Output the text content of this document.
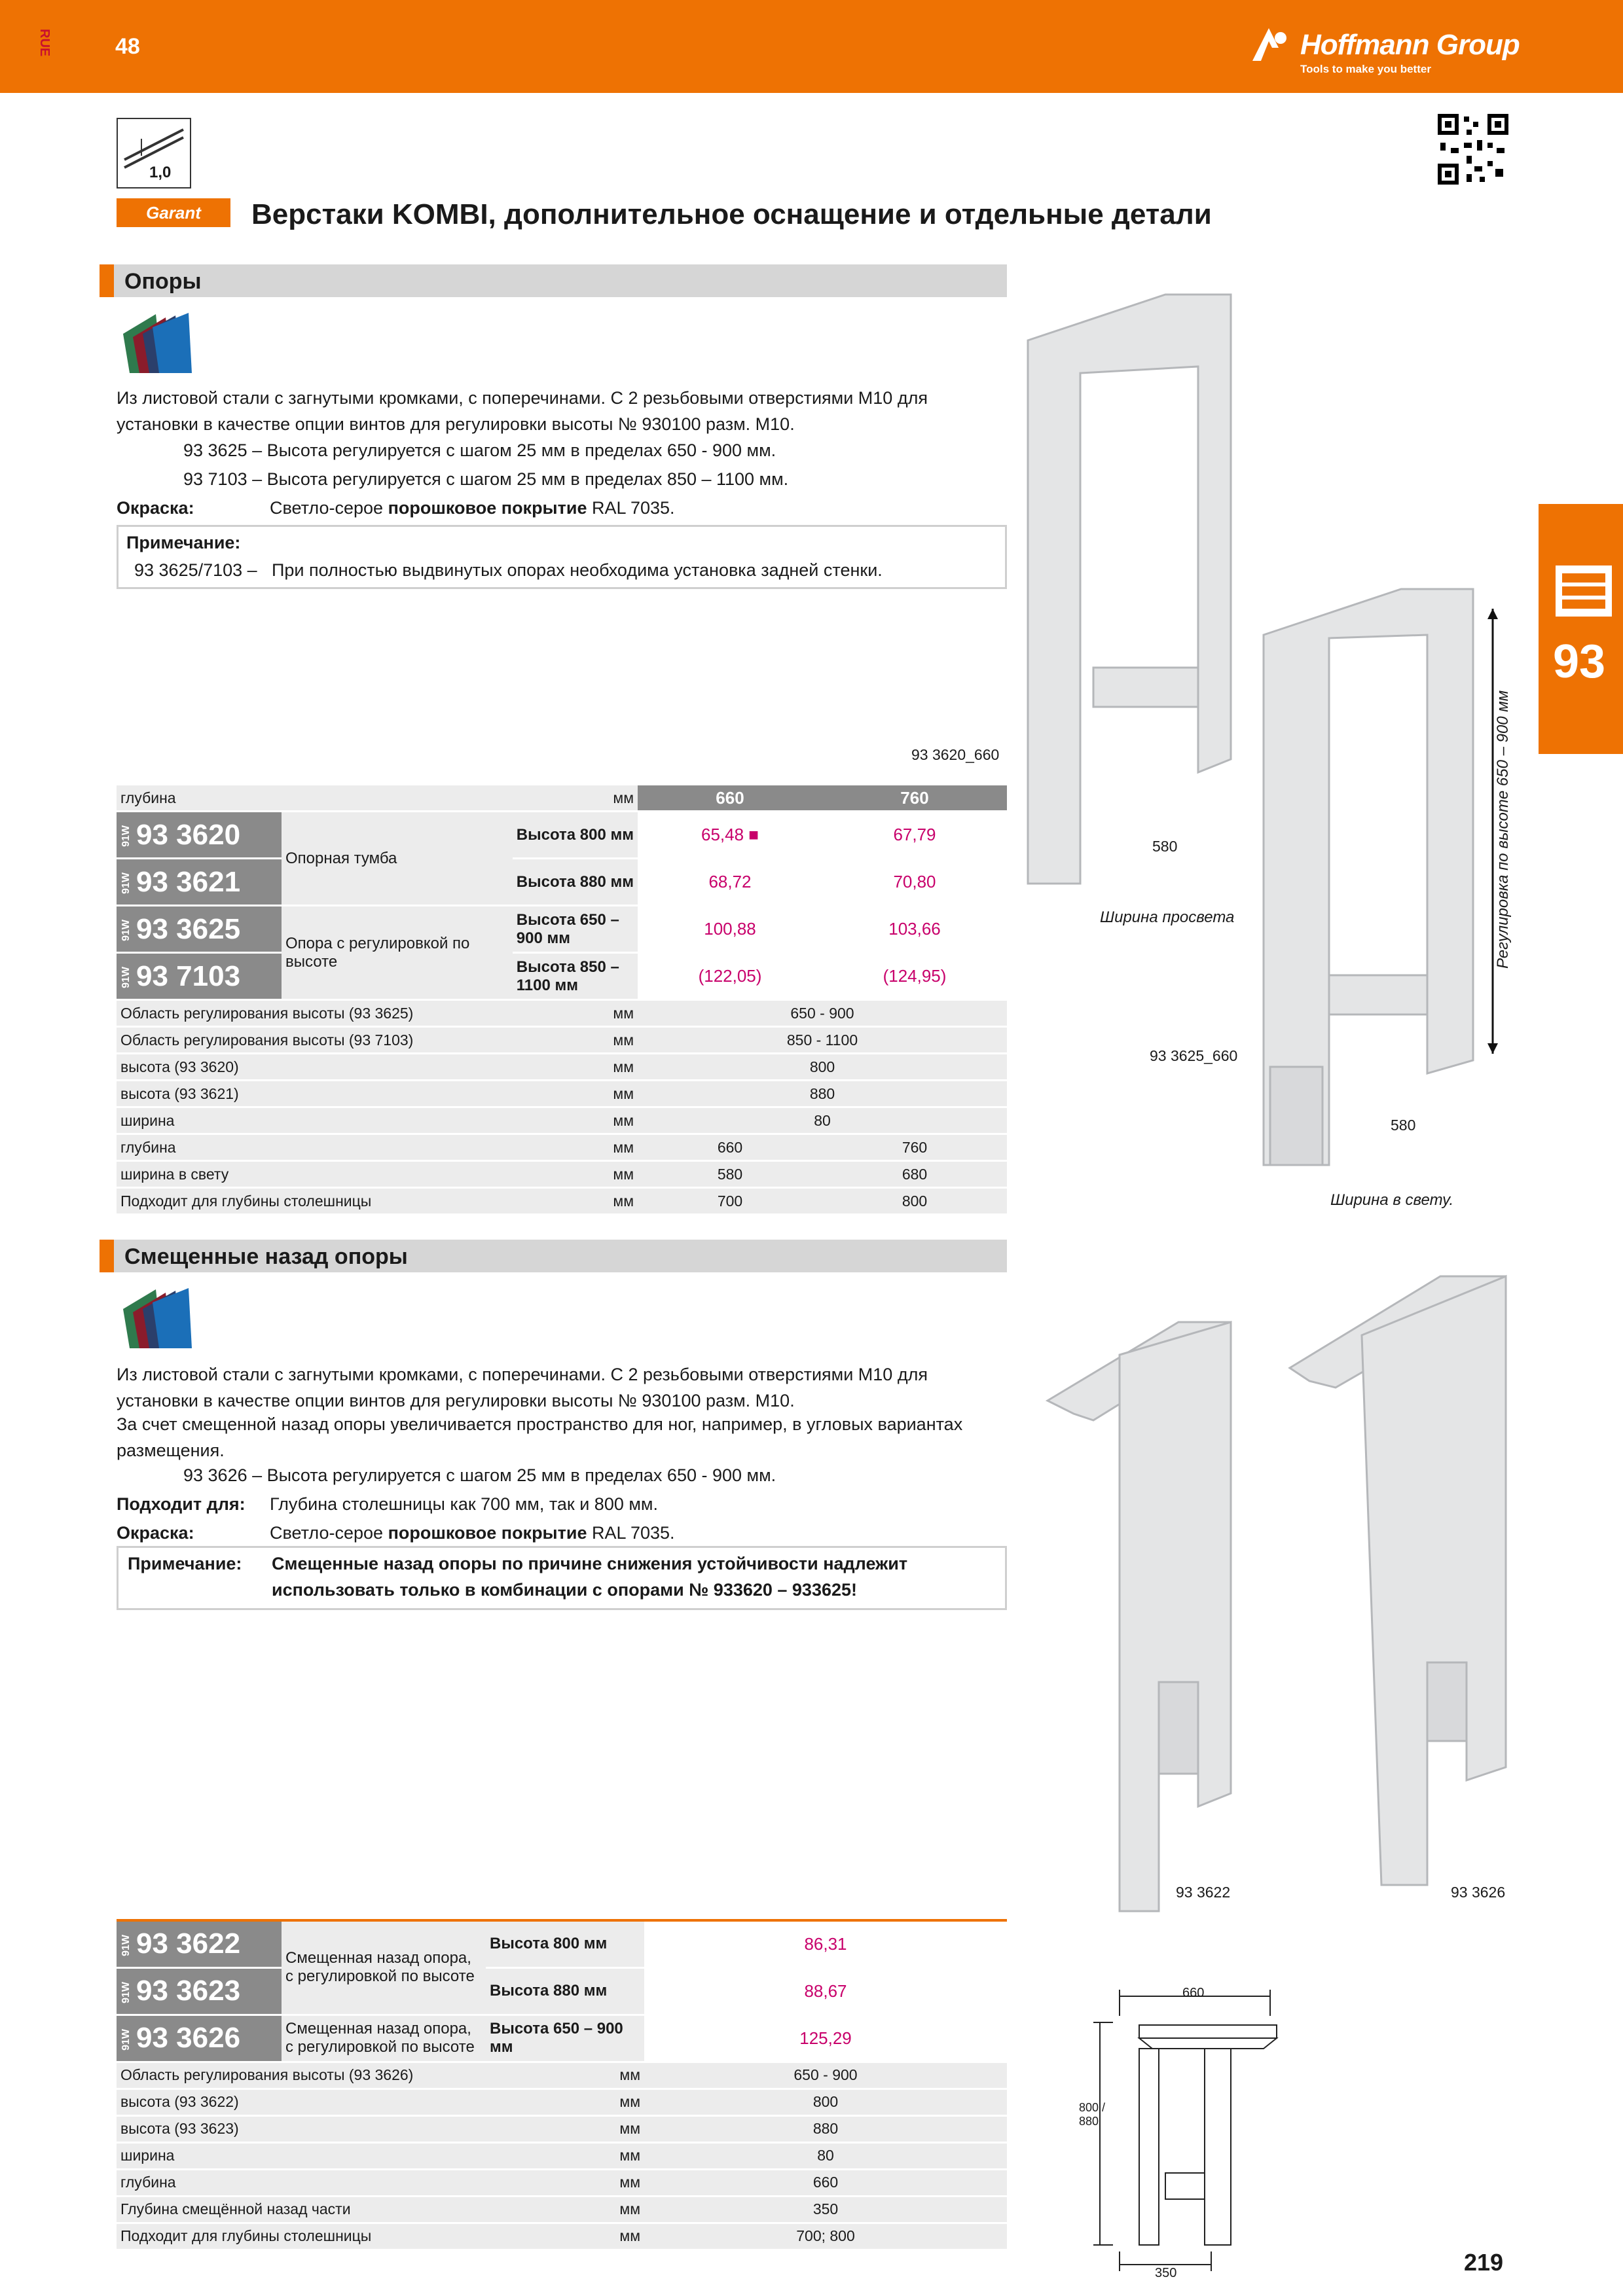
RUE	48	Hoffmann Group
Tools to make you better
1,0
Garant	Верстаки KOMBI, дополнительное оснащение и отдельные детали
Опоры
Из листовой стали с загнутыми кромками, с поперечинами. С 2 резьбовыми отверстиями M10 для установки в качестве опции винтов для регулировки высоты № 930100 разм. M10.
93 3625 – Высота регулируется с шагом 25 мм в пределах 650 - 900 мм.
93 7103 – Высота регулируется с шагом 25 мм в пределах 850 – 1100 мм.
Окраска:	Светло-серое порошковое покрытие RAL 7035.
Примечание:
93 3625/7103 – При полностью выдвинутых опорах необходима установка задней стенки.
93 3620_660
580
Ширина просвета
93 3625_660
580
Ширина в свету.
Регулировка по высоте 650 – 900 мм
93
глубина		мм	660	760
91W 93 3620	Опорная тумба	Высота 800 мм	65,48 ■	67,79
91W 93 3621		Высота 880 мм	68,72	70,80
91W 93 3625	Опора с регулировкой по высоте	Высота 650 – 900 мм	100,88	103,66
91W 93 7103		Высота 850 – 1100 мм	(122,05)	(124,95)
Область регулирования высоты (93 3625)		мм	650 - 900	
Область регулирования высоты (93 7103)		мм	850 - 1100	
высота (93 3620)		мм	800	
высота (93 3621)		мм	880	
ширина		мм	80	
глубина		мм	660	760
ширина в свету		мм	580	680
Подходит для глубины столешницы		мм	700	800
Смещенные назад опоры
Из листовой стали с загнутыми кромками, с поперечинами. С 2 резьбовыми отверстиями M10 для установки в качестве опции винтов для регулировки высоты № 930100 разм. M10.
За счет смещенной назад опоры увеличивается пространство для ног, например, в угловых вариантах размещения.
93 3626 – Высота регулируется с шагом 25 мм в пределах 650 - 900 мм.
Подходит для: Глубина столешницы как 700 мм, так и 800 мм.
Окраска:	Светло-серое порошковое покрытие RAL 7035.
Примечание: Смещенные назад опоры по причине снижения устойчивости надлежит
использовать только в комбинации с опорами № 933620 – 933625!
93 3622	93 3626
91W 93 3622	Смещенная назад опора, с регулировкой по высоте	Высота 800 мм	86,31
91W 93 3623		Высота 880 мм	88,67
91W 93 3626	Смещенная назад опора, с регулировкой по высоте	Высота 650 – 900 мм	125,29
Область регулирования высоты (93 3626)		мм	650 - 900
высота (93 3622)		мм	800
высота (93 3623)		мм	880
ширина		мм	80
глубина		мм	660
Глубина смещённой назад части		мм	350
Подходит для глубины столешницы		мм	700; 800
660
800 /
880
350	219
